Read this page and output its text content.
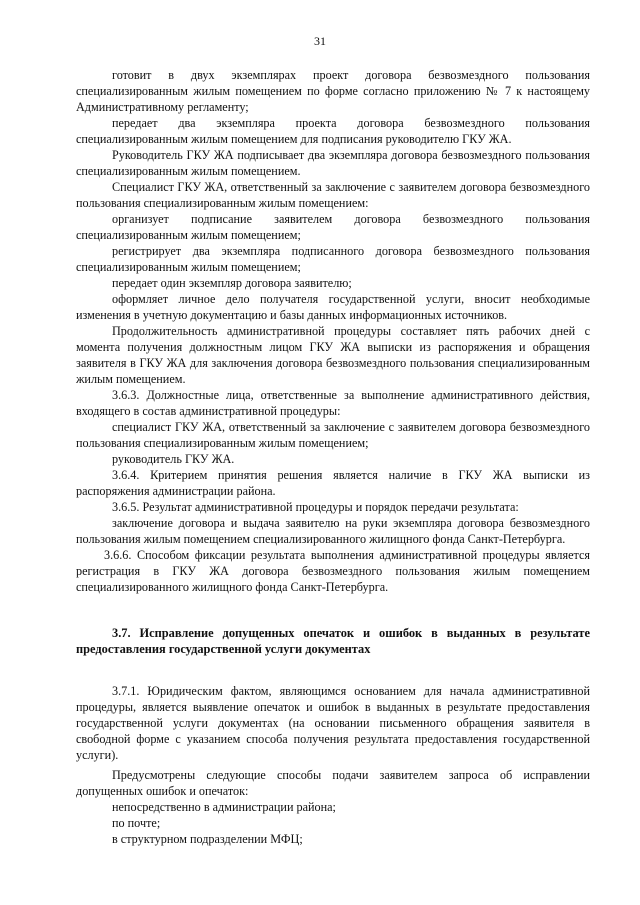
31

готовит в двух экземплярах проект договора безвозмездного пользования специализированным жилым помещением по форме согласно приложению № 7 к настоящему Административному регламенту;

передает два экземпляра проекта договора безвозмездного пользования специализированным жилым помещением для подписания руководителю ГКУ ЖА.

Руководитель ГКУ ЖА подписывает два экземпляра договора безвозмездного пользования специализированным жилым помещением.

Специалист ГКУ ЖА, ответственный за заключение с заявителем договора безвозмездного пользования специализированным жилым помещением:

организует подписание заявителем договора безвозмездного пользования специализированным жилым помещением;

регистрирует два экземпляра подписанного договора безвозмездного пользования специализированным жилым помещением;

передает один экземпляр договора заявителю;

оформляет личное дело получателя государственной услуги, вносит необходимые изменения в учетную документацию и базы данных информационных источников.

Продолжительность административной процедуры составляет пять рабочих дней с момента получения должностным лицом ГКУ ЖА выписки из распоряжения и обращения заявителя в ГКУ ЖА для заключения договора безвозмездного пользования специализированным жилым помещением.

3.6.3. Должностные лица, ответственные за выполнение административного действия, входящего в состав административной процедуры:

специалист ГКУ ЖА, ответственный за заключение с заявителем договора безвозмездного пользования специализированным жилым помещением;

руководитель ГКУ ЖА.

3.6.4. Критерием принятия решения является наличие в ГКУ ЖА выписки из распоряжения администрации района.

3.6.5. Результат административной процедуры и порядок передачи результата:

заключение договора и выдача заявителю на руки экземпляра договора безвозмездного пользования жилым помещением специализированного жилищного фонда Санкт-Петербурга.

3.6.6. Способом фиксации результата выполнения административной процедуры является регистрация в ГКУ ЖА договора безвозмездного пользования жилым помещением специализированного жилищного фонда Санкт-Петербурга.

3.7. Исправление допущенных опечаток и ошибок в выданных в результате предоставления государственной услуги документах

3.7.1. Юридическим фактом, являющимся основанием для начала административной процедуры, является выявление опечаток и ошибок в выданных в результате предоставления государственной услуги документах (на основании письменного обращения заявителя в свободной форме с указанием способа получения результата предоставления государственной услуги).

Предусмотрены следующие способы подачи заявителем запроса об исправлении допущенных ошибок и опечаток:

непосредственно в администрации района;

по почте;

в структурном подразделении МФЦ;
